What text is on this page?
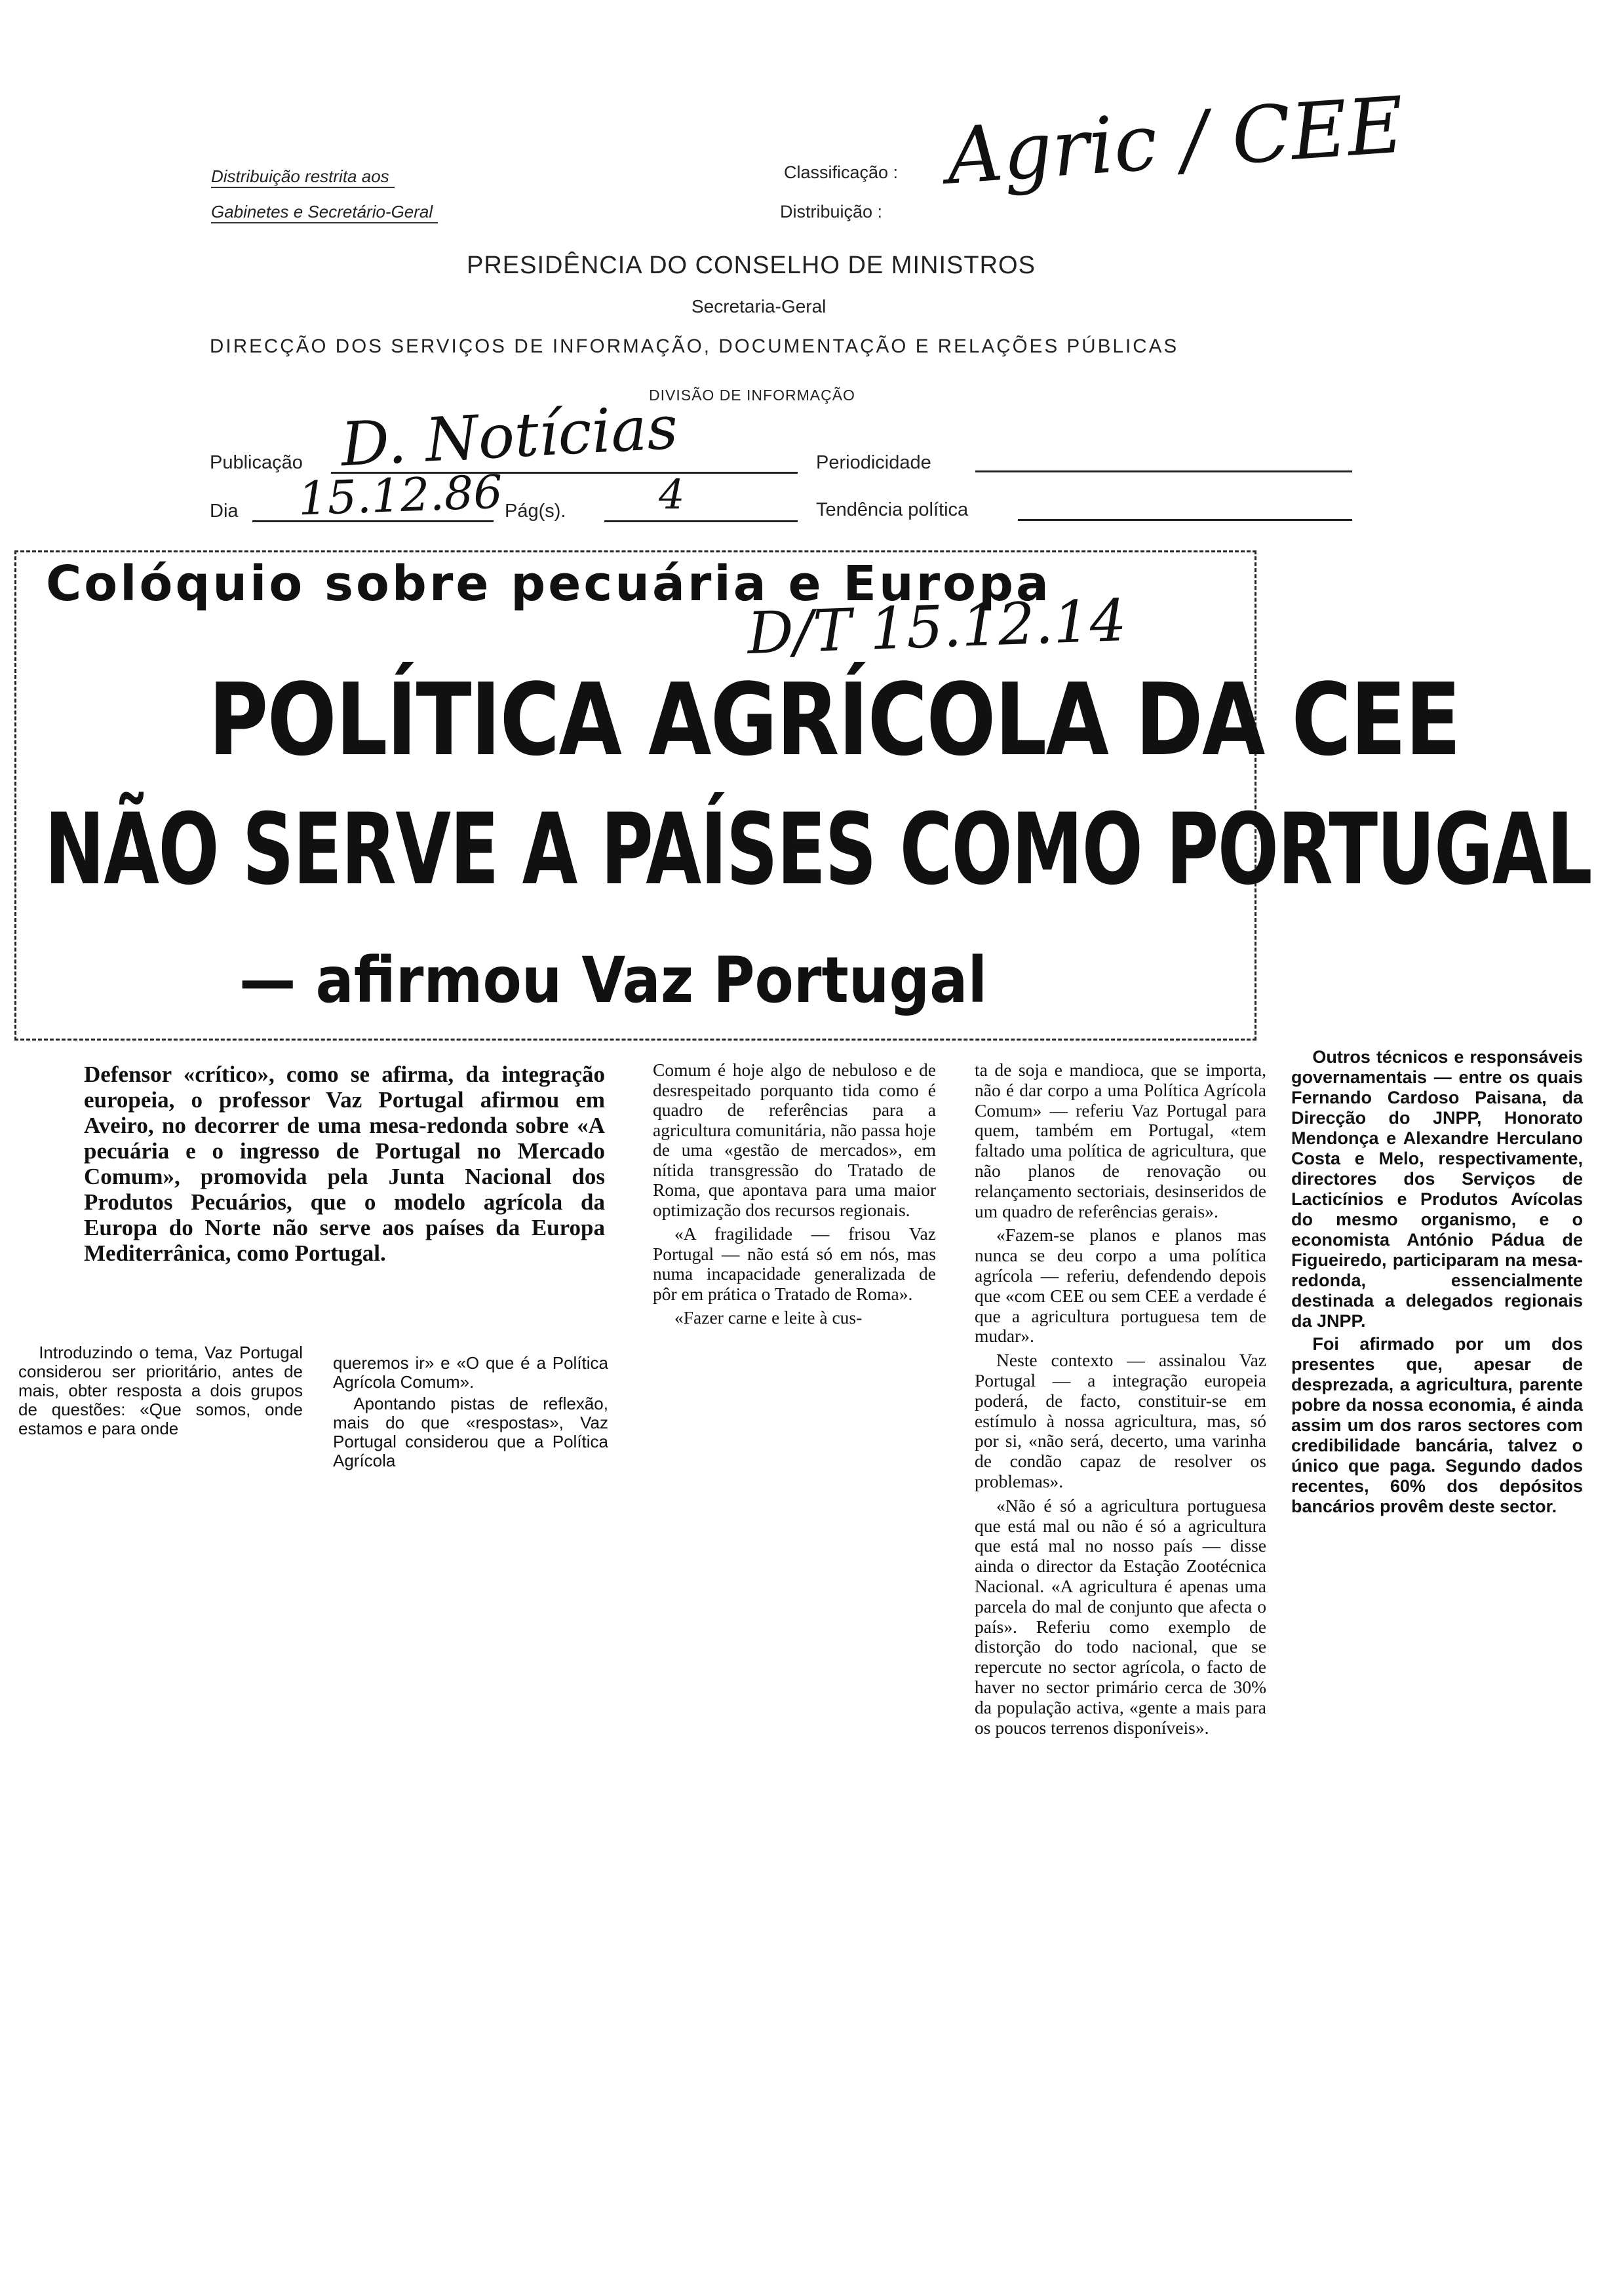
Distribuição restrita aos
Gabinetes e Secretário-Geral
Classificação :
Distribuição :
Agric / CEE
PRESIDÊNCIA DO CONSELHO DE MINISTROS
Secretaria-Geral
DIRECÇÃO DOS SERVIÇOS DE INFORMAÇÃO, DOCUMENTAÇÃO E RELAÇÕES PÚBLICAS
DIVISÃO DE INFORMAÇÃO
Publicação D. Notícias	Periodicidade
Dia 15.12.86 Pág(s). 4	Tendência política
Colóquio sobre pecuária e Europa
D/T 15.12.14
POLÍTICA AGRÍCOLA DA CEE
NÃO SERVE A PAÍSES COMO PORTUGAL
— afirmou Vaz Portugal
Defensor «crítico», como se afirma, da integração europeia, o professor Vaz Portugal afirmou em Aveiro, no decorrer de uma mesa-redonda sobre «A pecuária e o ingresso de Portugal no Mercado Comum», promovida pela Junta Nacional dos Produtos Pecuários, que o modelo agrícola da Europa do Norte não serve aos países da Europa Mediterrânica, como Portugal.

Introduzindo o tema, Vaz Portugal considerou ser prioritário, antes de mais, obter resposta a dois grupos de questões: «Que somos, onde estamos e para onde

queremos ir» e «O que é a Política Agrícola Comum».

Apontando pistas de reflexão, mais do que «respostas», Vaz Portugal considerou que a Política Agrícola

Comum é hoje algo de nebuloso e de desrespeitado porquanto tida como é quadro de referências para a agricultura comunitária, não passa hoje de uma «gestão de mercados», em nítida transgressão do Tratado de Roma, que apontava para uma maior optimização dos recursos regionais.

«A fragilidade — frisou Vaz Portugal — não está só em nós, mas numa incapacidade generalizada de pôr em prática o Tratado de Roma».

«Fazer carne e leite à cus-

ta de soja e mandioca, que se importa, não é dar corpo a uma Política Agrícola Comum» — referiu Vaz Portugal para quem, também em Portugal, «tem faltado uma política de agricultura, que não planos de renovação ou relançamento sectoriais, desinseridos de um quadro de referências gerais».

«Fazem-se planos e planos mas nunca se deu corpo a uma política agrícola — referiu, defendendo depois que «com CEE ou sem CEE a verdade é que a agricultura portuguesa tem de mudar».

Neste contexto — assinalou Vaz Portugal — a integração europeia poderá, de facto, constituir-se em estímulo à nossa agricultura, mas, só por si, «não será, decerto, uma varinha de condão capaz de resolver os problemas».

«Não é só a agricultura portuguesa que está mal ou não é só a agricultura que está mal no nosso país — disse ainda o director da Estação Zootécnica Nacional. «A agricultura é apenas uma parcela do mal de conjunto que afecta o país». Referiu como exemplo de distorção do todo nacional, que se repercute no sector agrícola, o facto de haver no sector primário cerca de 30% da população activa, «gente a mais para os poucos terrenos disponíveis».

Outros técnicos e responsáveis governamentais — entre os quais Fernando Cardoso Paisana, da Direcção do JNPP, Honorato Mendonça e Alexandre Herculano Costa e Melo, respectivamente, directores dos Serviços de Lacticínios e Produtos Avícolas do mesmo organismo, e o economista António Pádua de Figueiredo, participaram na mesa-redonda, essencialmente destinada a delegados regionais da JNPP.

Foi afirmado por um dos presentes que, apesar de desprezada, a agricultura, parente pobre da nossa economia, é ainda assim um dos raros sectores com credibilidade bancária, talvez o único que paga. Segundo dados recentes, 60% dos depósitos bancários provêm deste sector.
